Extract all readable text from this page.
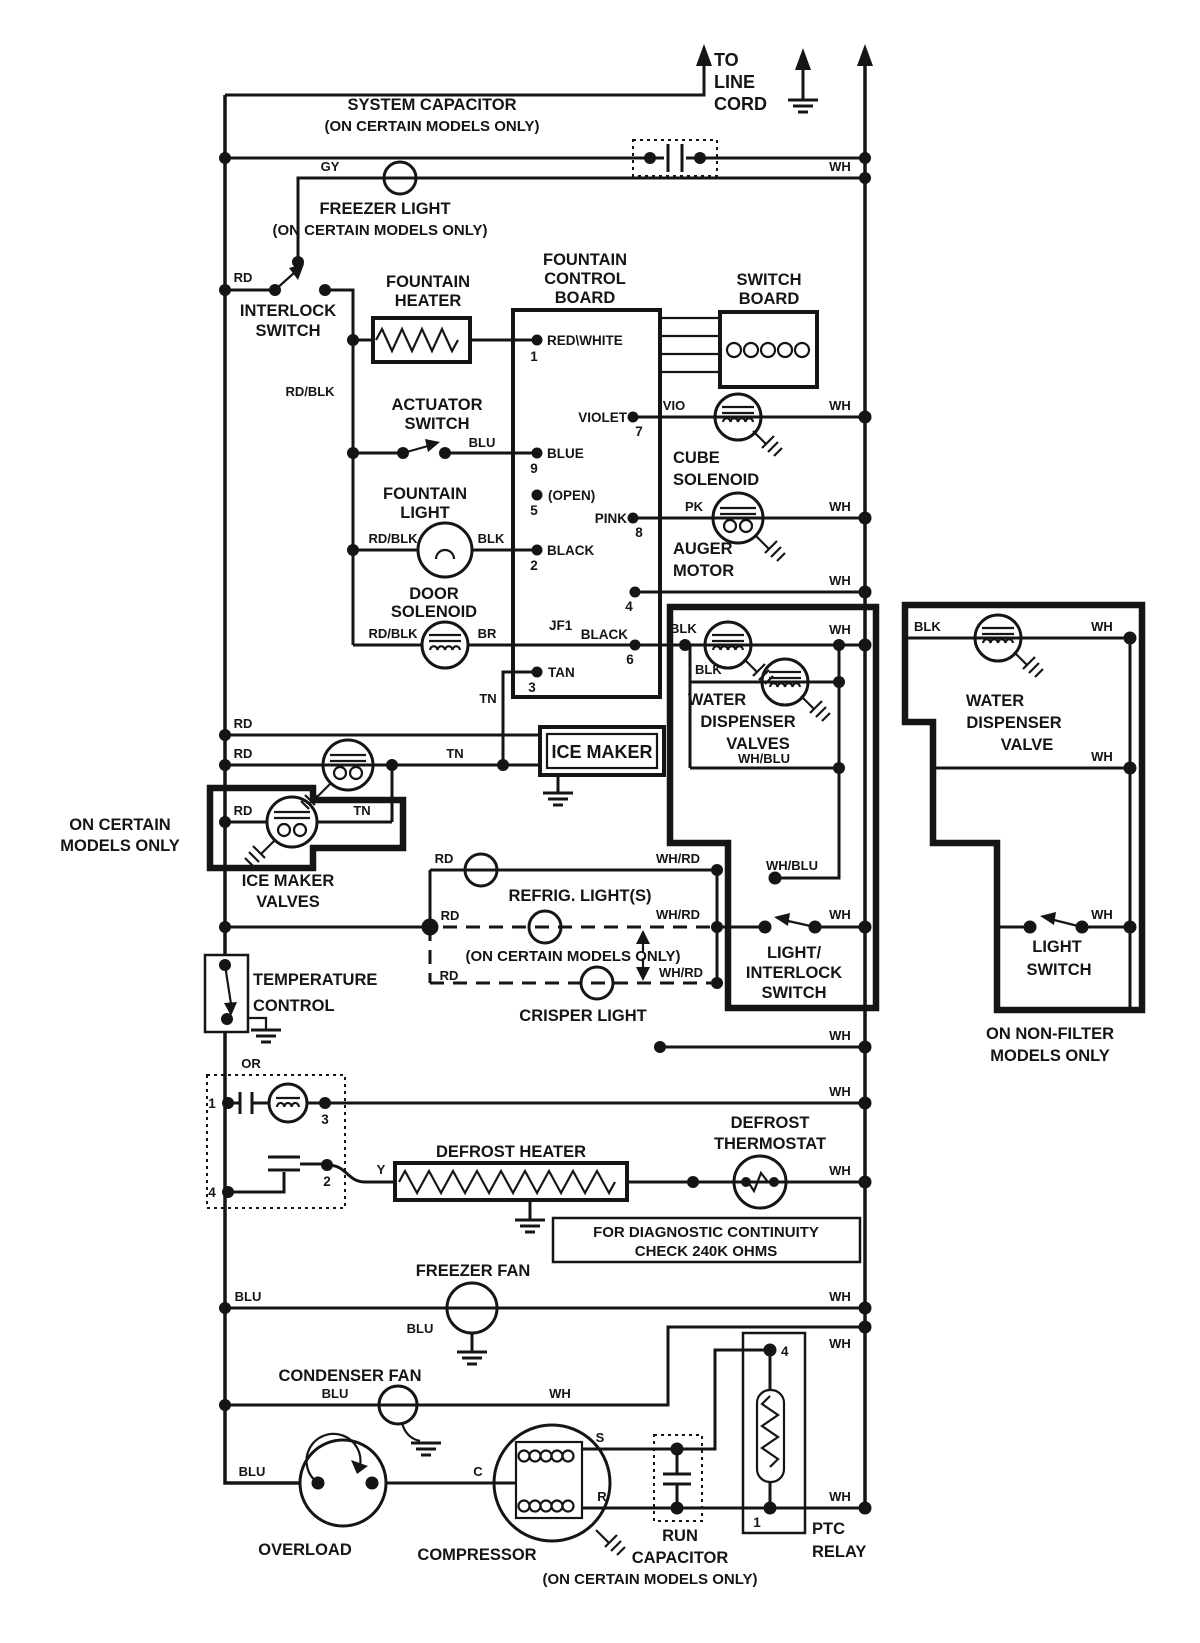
TO
LINE
CORD
SYSTEM CAPACITOR
(ON CERTAIN MODELS ONLY)
GY	WH
FREEZER LIGHT
(ON CERTAIN MODELS ONLY)
RD
INTERLOCK
SWITCH
RD/BLK
FOUNTAIN
HEATER
FOUNTAIN
CONTROL
BOARD
RED\WHITE
1
BLUE
9
(OPEN)
5
BLACK
2
VIOLET
7
PINK
8
4
JF1
BLACK
6
TAN
3
SWITCH
BOARD
ACTUATOR
SWITCH
BLU
FOUNTAIN
LIGHT
RD/BLK	BLK
DOOR
SOLENOID
RD/BLK	BR
VIO	WH
CUBE
SOLENOID
PK	WH
AUGER
MOTOR
WH
BLK	WH
BLK
WATER
DISPENSER
VALVES
WH/BLU
WH/BLU
RD
RD	TN
TN
ICE MAKER
RD	TN
ON CERTAIN
MODELS ONLY
ICE MAKER
VALVES
RD	WH/RD
REFRIG. LIGHT(S)
RD	WH/RD
(ON CERTAIN MODELS ONLY)
RD	WH/RD
CRISPER LIGHT
WH
LIGHT/
INTERLOCK
SWITCH
TEMPERATURE
CONTROL
WH
OR
1
3
WH
2
4
Y
DEFROST HEATER
DEFROST
THERMOSTAT
WH
FOR DIAGNOSTIC CONTINUITY
CHECK 240K OHMS
FREEZER FAN
BLU
BLU
WH
CONDENSER FAN
BLU	WH
WH
BLU
OVERLOAD
C
COMPRESSOR
S
R
RUN
CAPACITOR
(ON CERTAIN MODELS ONLY)
4
1
WH
PTC
RELAY
BLK	WH
WATER
DISPENSER
VALVE
WH
WH
LIGHT
SWITCH
ON NON-FILTER
MODELS ONLY
